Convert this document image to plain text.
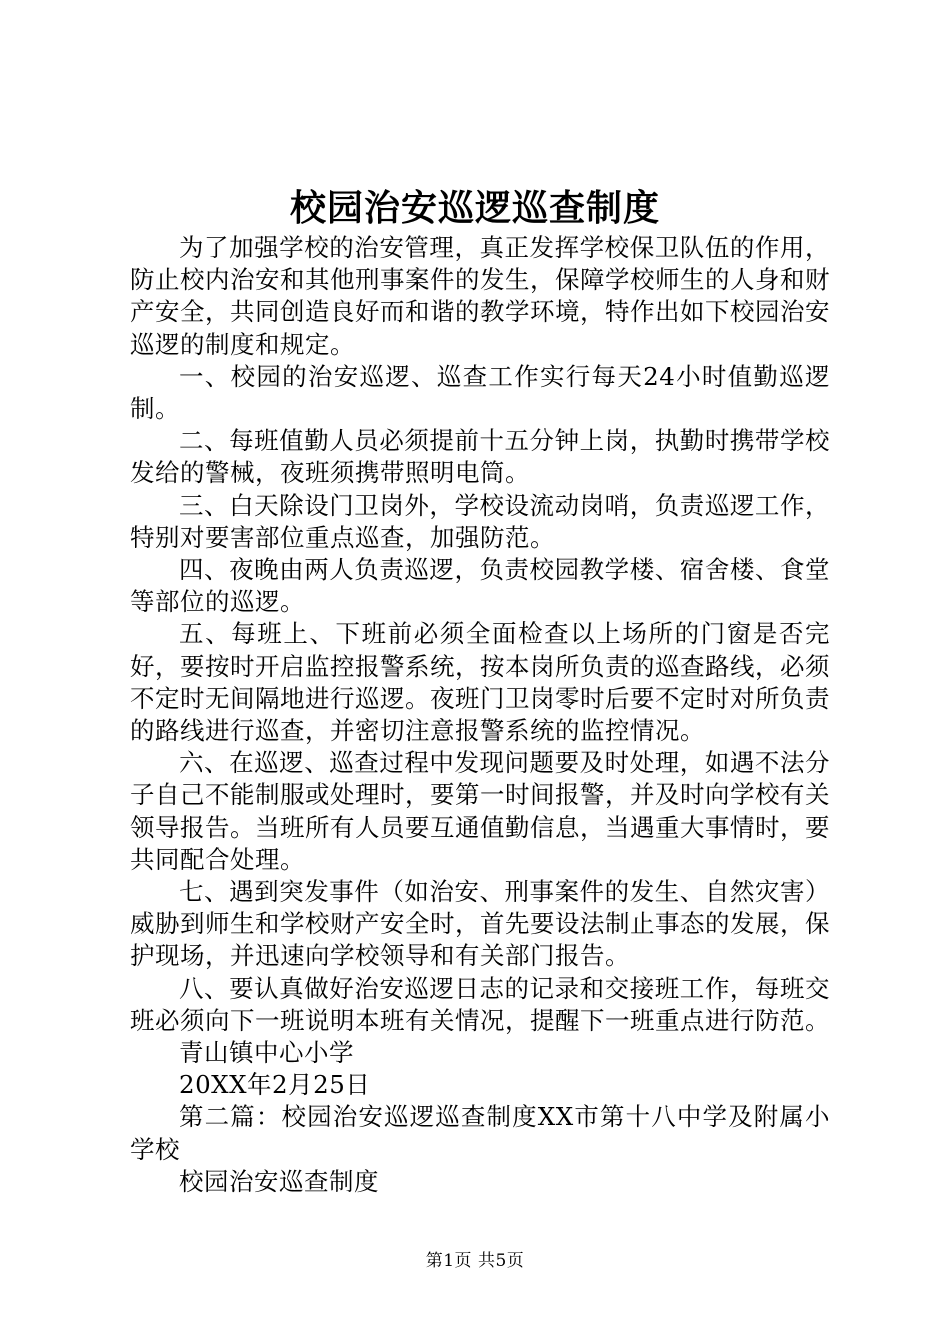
校园治安巡逻巡查制度

为了加强学校的治安管理，真正发挥学校保卫队伍的作用，防止校内治安和其他刑事案件的发生，保障学校师生的人身和财产安全，共同创造良好而和谐的教学环境，特作出如下校园治安巡逻的制度和规定。

一、校园的治安巡逻、巡查工作实行每天24小时值勤巡逻制。

二、每班值勤人员必须提前十五分钟上岗，执勤时携带学校发给的警械，夜班须携带照明电筒。

三、白天除设门卫岗外，学校设流动岗哨，负责巡逻工作，特别对要害部位重点巡查，加强防范。

四、夜晚由两人负责巡逻，负责校园教学楼、宿舍楼、食堂等部位的巡逻。

五、每班上、下班前必须全面检查以上场所的门窗是否完好，要按时开启监控报警系统，按本岗所负责的巡查路线，必须不定时无间隔地进行巡逻。夜班门卫岗零时后要不定时对所负责的路线进行巡查，并密切注意报警系统的监控情况。

六、在巡逻、巡查过程中发现问题要及时处理，如遇不法分子自己不能制服或处理时，要第一时间报警，并及时向学校有关领导报告。当班所有人员要互通值勤信息，当遇重大事情时，要共同配合处理。

七、遇到突发事件（如治安、刑事案件的发生、自然灾害）威胁到师生和学校财产安全时，首先要设法制止事态的发展，保护现场，并迅速向学校领导和有关部门报告。

八、要认真做好治安巡逻日志的记录和交接班工作，每班交班必须向下一班说明本班有关情况，提醒下一班重点进行防范。

青山镇中心小学

20XX年2月25日

第二篇：校园治安巡逻巡查制度XX市第十八中学及附属小学校

校园治安巡查制度

第1页 共5页
